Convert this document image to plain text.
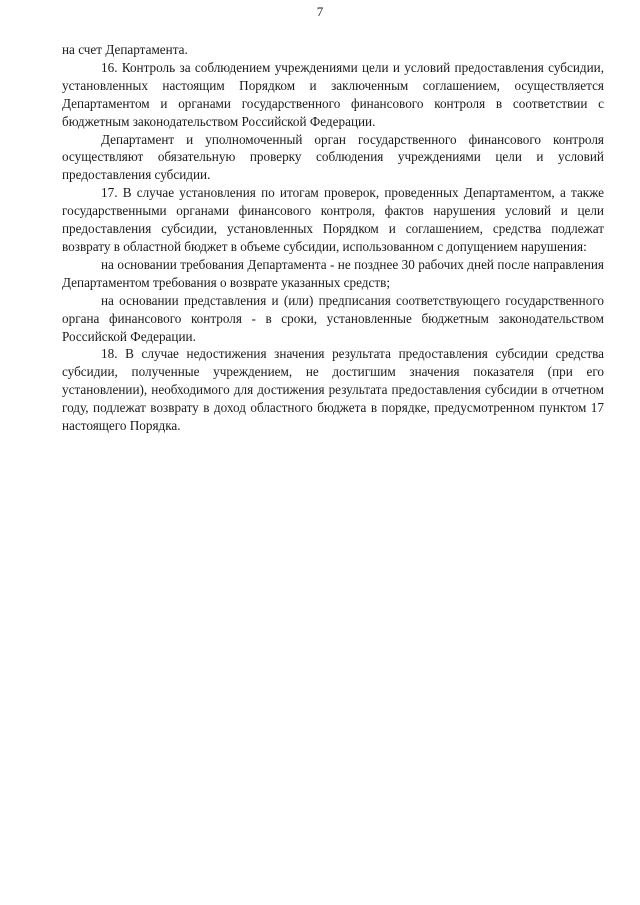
7

на счет Департамента.

16. Контроль за соблюдением учреждениями цели и условий предоставления субсидии, установленных настоящим Порядком и заключенным соглашением, осуществляется Департаментом и органами государственного финансового контроля в соответствии с бюджетным законодательством Российской Федерации.

Департамент и уполномоченный орган государственного финансового контроля осуществляют обязательную проверку соблюдения учреждениями цели и условий предоставления субсидии.

17. В случае установления по итогам проверок, проведенных Департаментом, а также государственными органами финансового контроля, фактов нарушения условий и цели предоставления субсидии, установленных Порядком и соглашением, средства подлежат возврату в областной бюджет в объеме субсидии, использованном с допущением нарушения:

на основании требования Департамента - не позднее 30 рабочих дней после направления Департаментом требования о возврате указанных средств;

на основании представления и (или) предписания соответствующего государственного органа финансового контроля - в сроки, установленные бюджетным законодательством Российской Федерации.

18. В случае недостижения значения результата предоставления субсидии средства субсидии, полученные учреждением, не достигшим значения показателя (при его установлении), необходимого для достижения результата предоставления субсидии в отчетном году, подлежат возврату в доход областного бюджета в порядке, предусмотренном пунктом 17 настоящего Порядка.
